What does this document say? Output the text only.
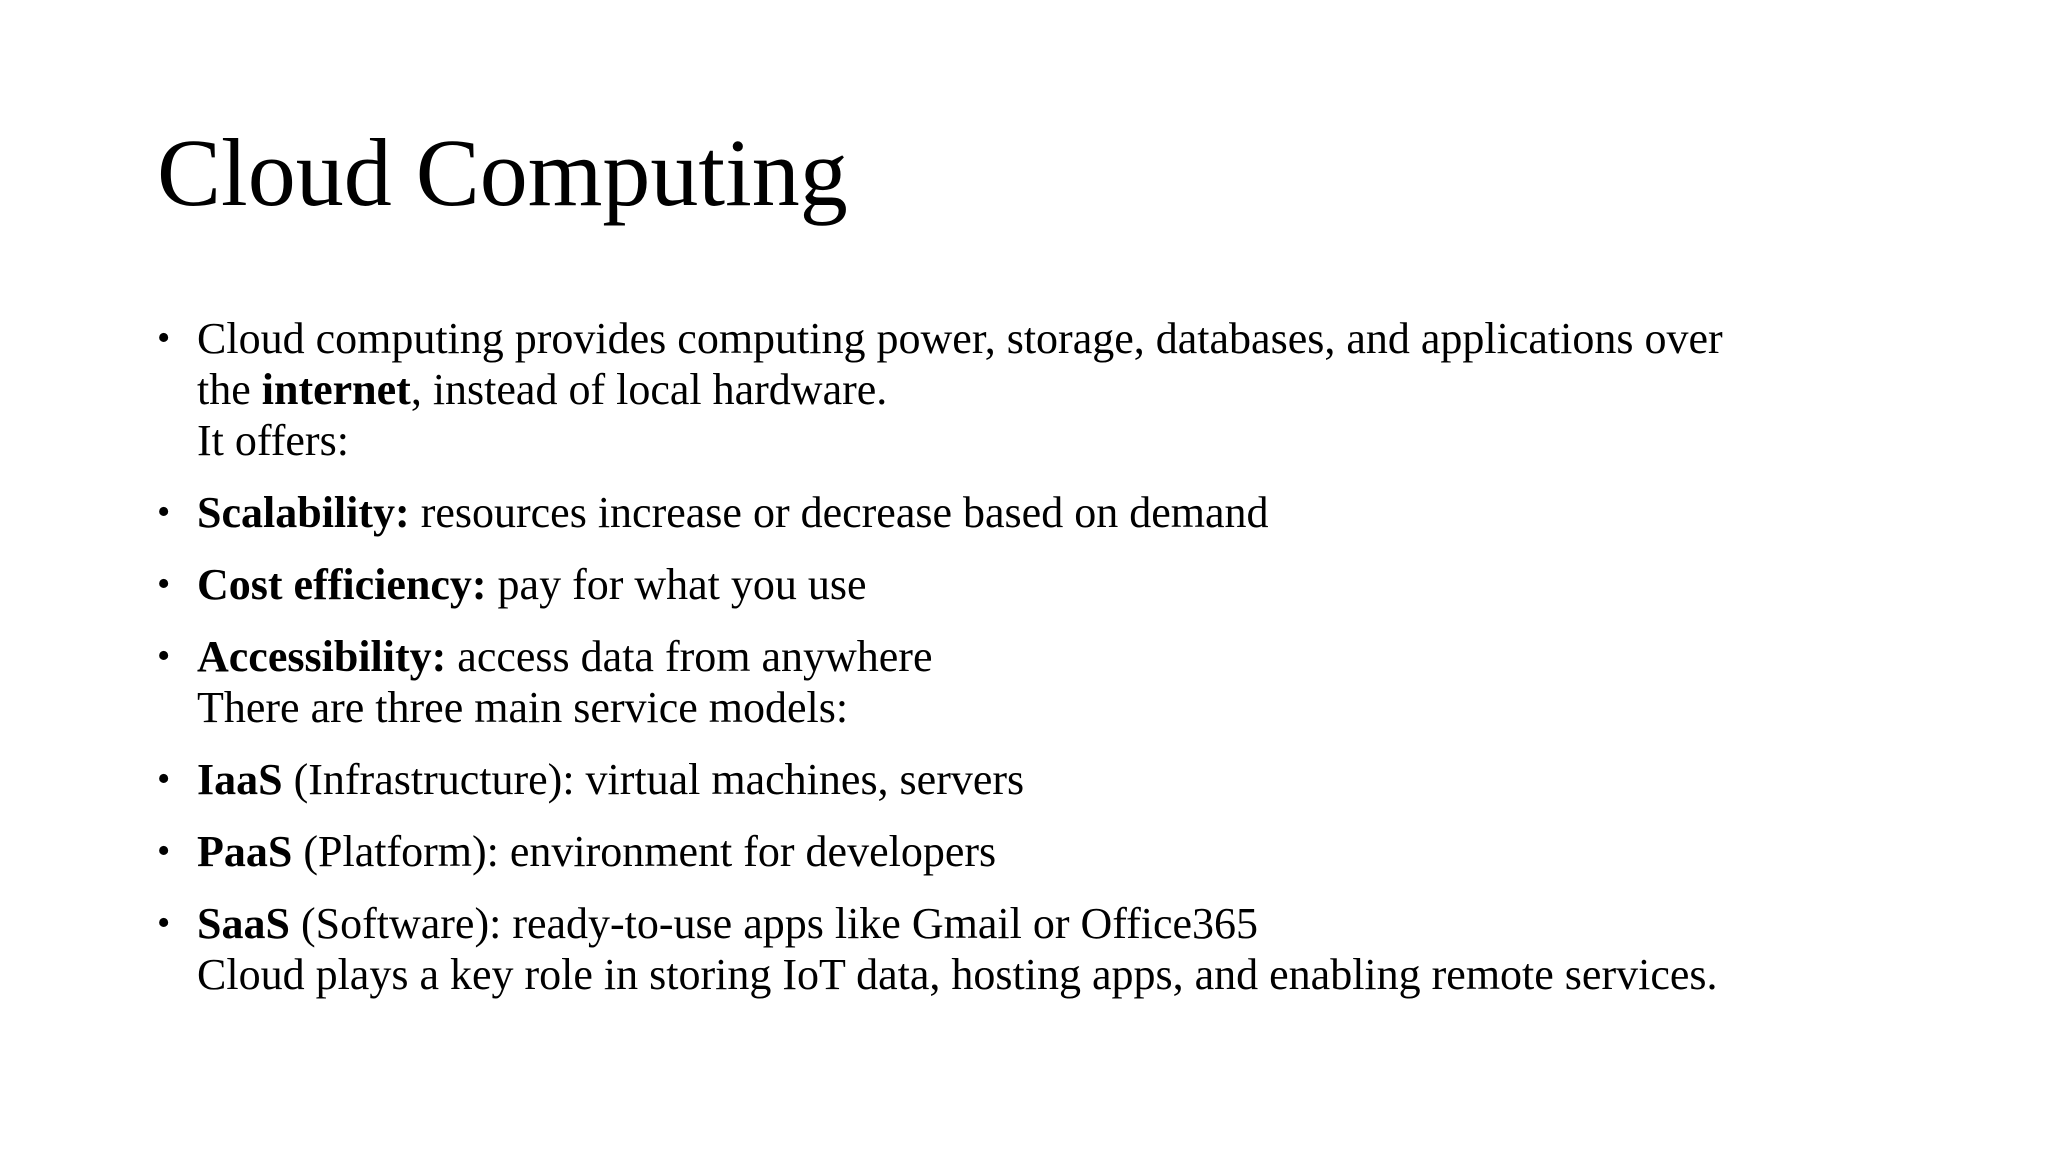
Cloud Computing
• Cloud computing provides computing power, storage, databases, and applications over
the internet, instead of local hardware.
It offers:
• Scalability: resources increase or decrease based on demand
• Cost efficiency: pay for what you use
• Accessibility: access data from anywhere
There are three main service models:
• IaaS (Infrastructure): virtual machines, servers
• PaaS (Platform): environment for developers
• SaaS (Software): ready-to-use apps like Gmail or Office365
Cloud plays a key role in storing IoT data, hosting apps, and enabling remote services.
